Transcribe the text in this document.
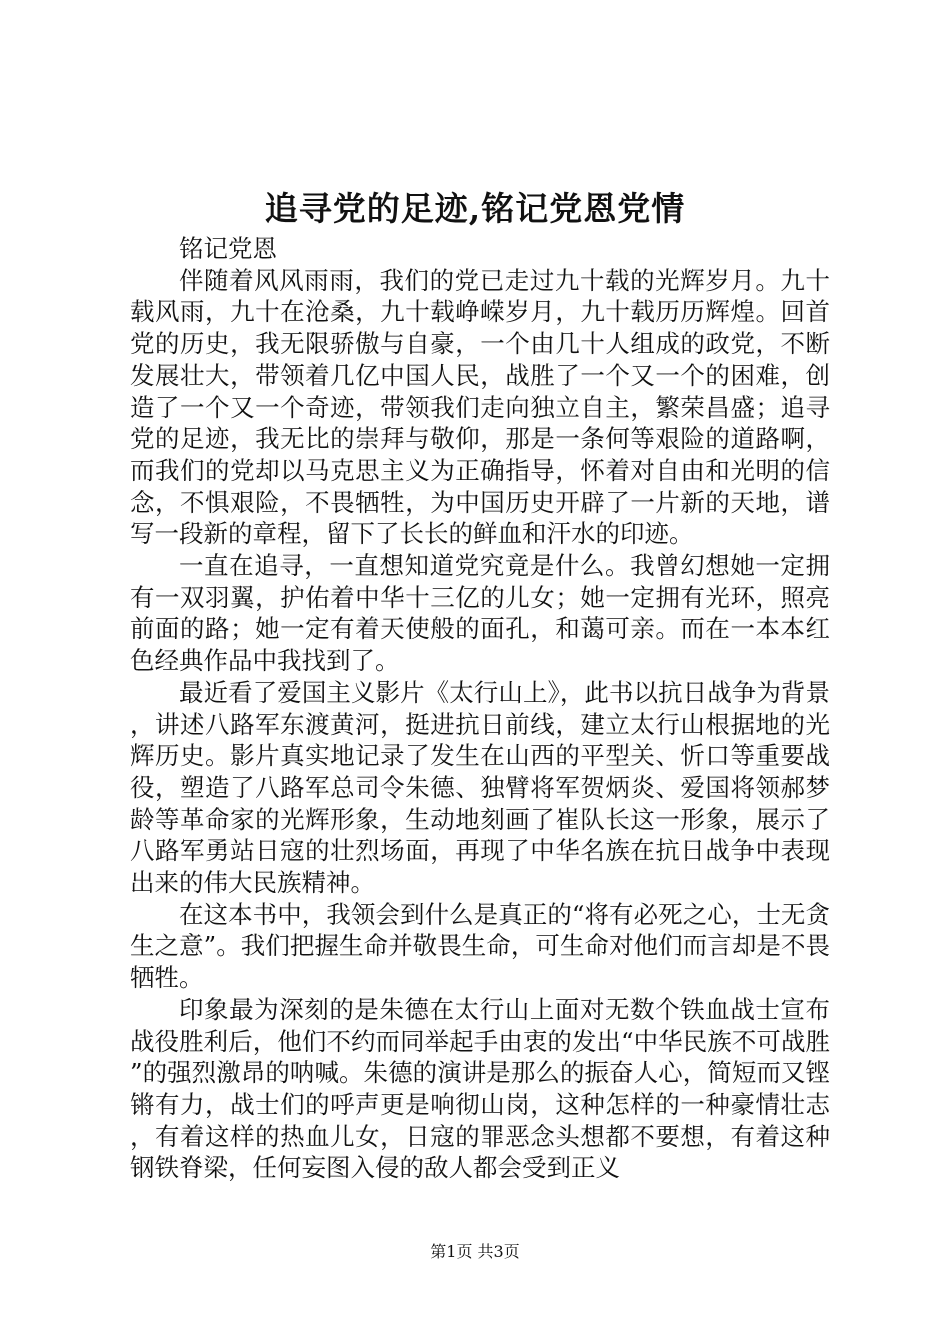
追寻党的足迹,铭记党恩党情

铭记党恩

伴随着风风雨雨，我们的党已走过九十载的光辉岁月。九十载风雨，九十在沧桑，九十载峥嵘岁月，九十载历历辉煌。回首党的历史，我无限骄傲与自豪，一个由几十人组成的政党，不断发展壮大，带领着几亿中国人民，战胜了一个又一个的困难，创造了一个又一个奇迹，带领我们走向独立自主，繁荣昌盛；追寻党的足迹，我无比的崇拜与敬仰，那是一条何等艰险的道路啊，而我们的党却以马克思主义为正确指导，怀着对自由和光明的信念，不惧艰险，不畏牺牲，为中国历史开辟了一片新的天地，谱写一段新的章程，留下了长长的鲜血和汗水的印迹。

一直在追寻，一直想知道党究竟是什么。我曾幻想她一定拥有一双羽翼，护佑着中华十三亿的儿女；她一定拥有光环，照亮前面的路；她一定有着天使般的面孔，和蔼可亲。而在一本本红色经典作品中我找到了。

最近看了爱国主义影片《太行山上》，此书以抗日战争为背景，讲述八路军东渡黄河，挺进抗日前线，建立太行山根据地的光辉历史。影片真实地记录了发生在山西的平型关、忻口等重要战役，塑造了八路军总司令朱德、独臂将军贺炳炎、爱国将领郝梦龄等革命家的光辉形象，生动地刻画了崔队长这一形象，展示了八路军勇站日寇的壮烈场面，再现了中华名族在抗日战争中表现出来的伟大民族精神。

在这本书中，我领会到什么是真正的“将有必死之心，士无贪生之意”。我们把握生命并敬畏生命，可生命对他们而言却是不畏牺牲。

印象最为深刻的是朱德在太行山上面对无数个铁血战士宣布战役胜利后，他们不约而同举起手由衷的发出“中华民族不可战胜”的强烈激昂的呐喊。朱德的演讲是那么的振奋人心，简短而又铿锵有力，战士们的呼声更是响彻山岗，这种怎样的一种豪情壮志，有着这样的热血儿女，日寇的罪恶念头想都不要想，有着这种钢铁脊梁，任何妄图入侵的敌人都会受到正义

第1页 共3页
